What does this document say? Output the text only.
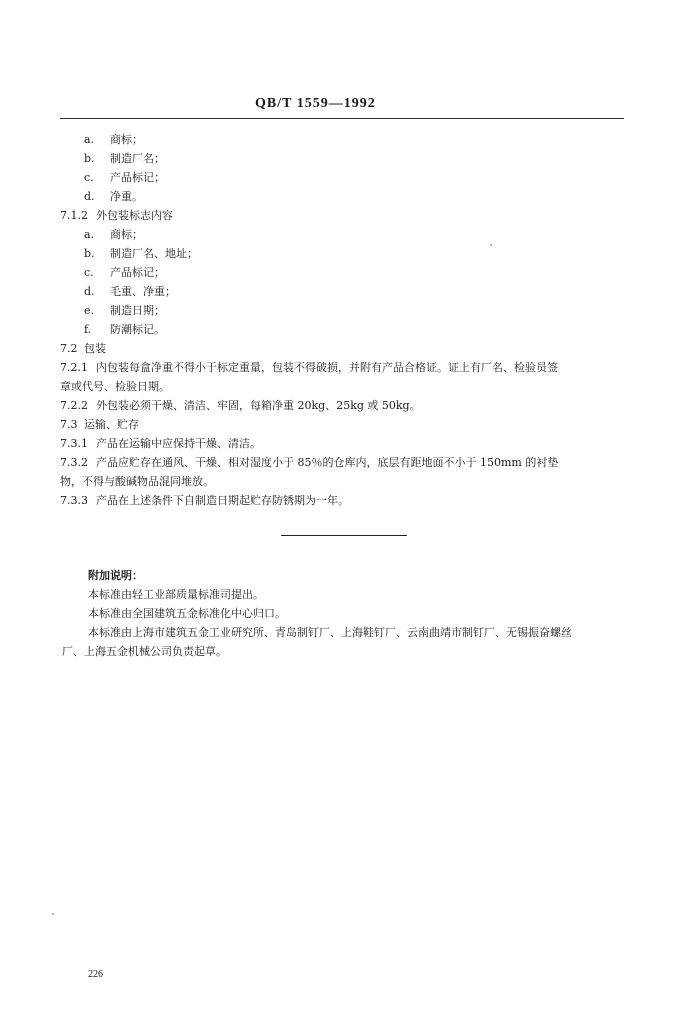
QB/T 1559—1992
a. 商标；
b. 制造厂名；
c. 产品标记；
d. 净重。
7.1.2 外包装标志内容
a. 商标；
b. 制造厂名、地址；
c. 产品标记；
d. 毛重、净重；
e. 制造日期；
f. 防潮标记。
7.2 包装
7.2.1 内包装每盒净重不得小于标定重量，包装不得破损，并附有产品合格证。证上有厂名、检验员签
章或代号、检验日期。
7.2.2 外包装必须干燥、清洁、牢固，每箱净重 20kg、25kg 或 50kg。
7.3 运输、贮存
7.3.1 产品在运输中应保持干燥、清洁。
7.3.2 产品应贮存在通风、干燥、相对湿度小于 85％的仓库内，底层有距地面不小于 150mm 的衬垫
物，不得与酸碱物品混同堆放。
7.3.3 产品在上述条件下自制造日期起贮存防锈期为一年。
附加说明：
本标准由轻工业部质量标准司提出。
本标准由全国建筑五金标准化中心归口。
本标准由上海市建筑五金工业研究所、青岛制钉厂、上海鞋钉厂、云南曲靖市制钉厂、无锡振奋螺丝
厂、上海五金机械公司负责起草。
226
